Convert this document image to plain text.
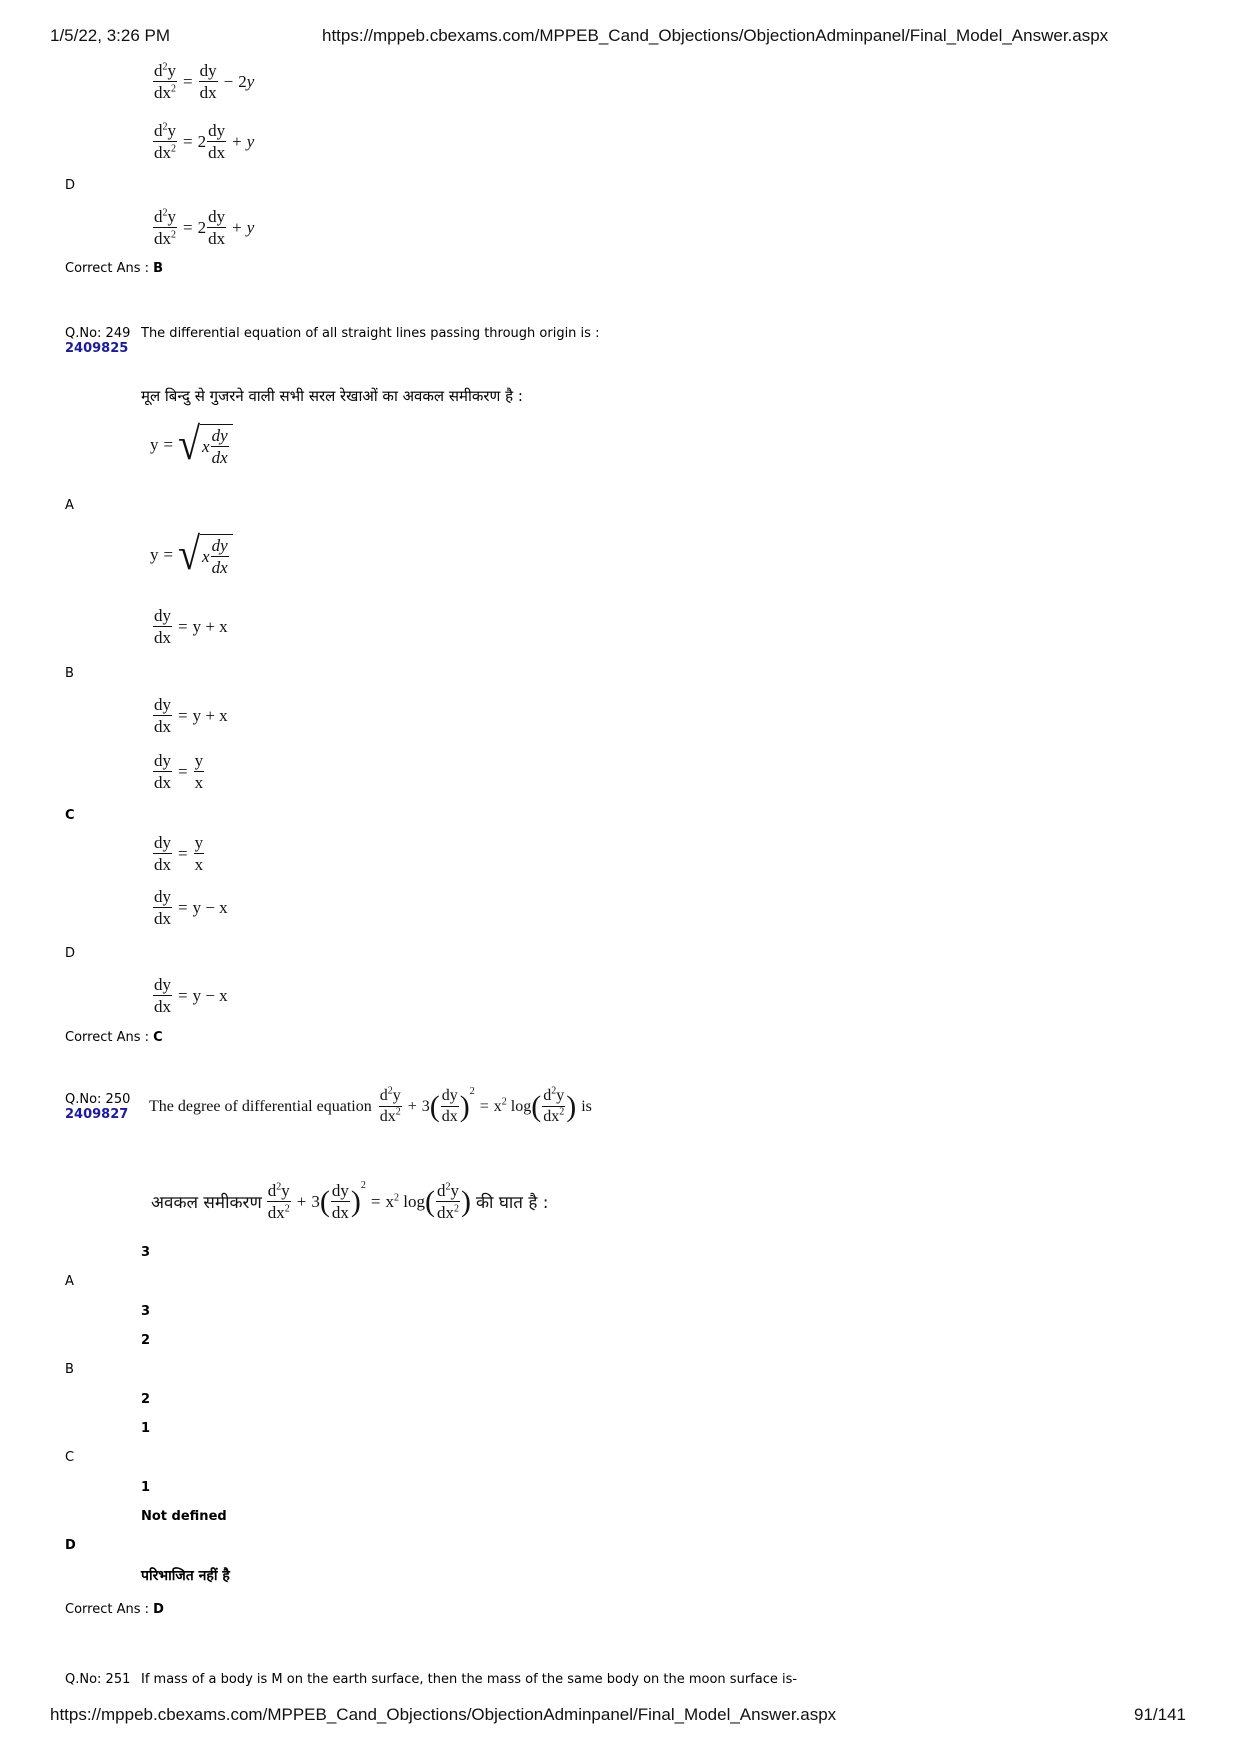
1/5/22, 3:26 PM	https://mppeb.cbexams.com/MPPEB_Cand_Objections/ObjectionAdminpanel/Final_Model_Answer.aspx
$\frac{d^2y}{dx^2} = \frac{dy}{dx} - 2$ y
$\frac{d^2y}{dx^2} = 2 \frac{dy}{dx} + y$
D
$\frac{d^2y}{dx^2} = 2 \frac{dy}{dx} + y$
Correct Ans : B
Q.No: 249
2409825
The differential equation of all straight lines passing through origin is :
मूल बिन्दु से गुजरने वाली सभी सरल रेखाओं का अवकल समीकरण है :
y = √ x $\frac{dy}{dx}$
A
y = √ x $\frac{dy}{dx}$
$\frac{dy}{dx} = y + x$
B
$\frac{dy}{dx} = y + x$
$\frac{dy}{dx} = \frac{y}{x}$
C
$\frac{dy}{dx} = \frac{y}{x}$
$\frac{dy}{dx} = y - x$
D
$\frac{dy}{dx} = y - x$
Correct Ans : C
Q.No: 250
2409827 The degree of differential equation $\frac{d^2y}{dx^2} + 3$ ( $\frac{dy}{dx}$ ) 2
= $x^2$ log ( $\frac{d^2y}{dx^2}$ ) is
अवकल समीकरण $\frac{d^2y}{dx^2} + 3$ ( $\frac{dy}{dx}$ ) 2
= $x^2$ log ( $\frac{d^2y}{dx^2}$ ) की घात है :
3
A
3
2
B
2
1
C
1
Not defined
D
परिभाजित नहीं है
Correct Ans : D
Q.No: 251 If mass of a body is M on the earth surface, then the mass of the same body on the moon surface is-
https://mppeb.cbexams.com/MPPEB_Cand_Objections/ObjectionAdminpanel/Final_Model_Answer.aspx	91/141
